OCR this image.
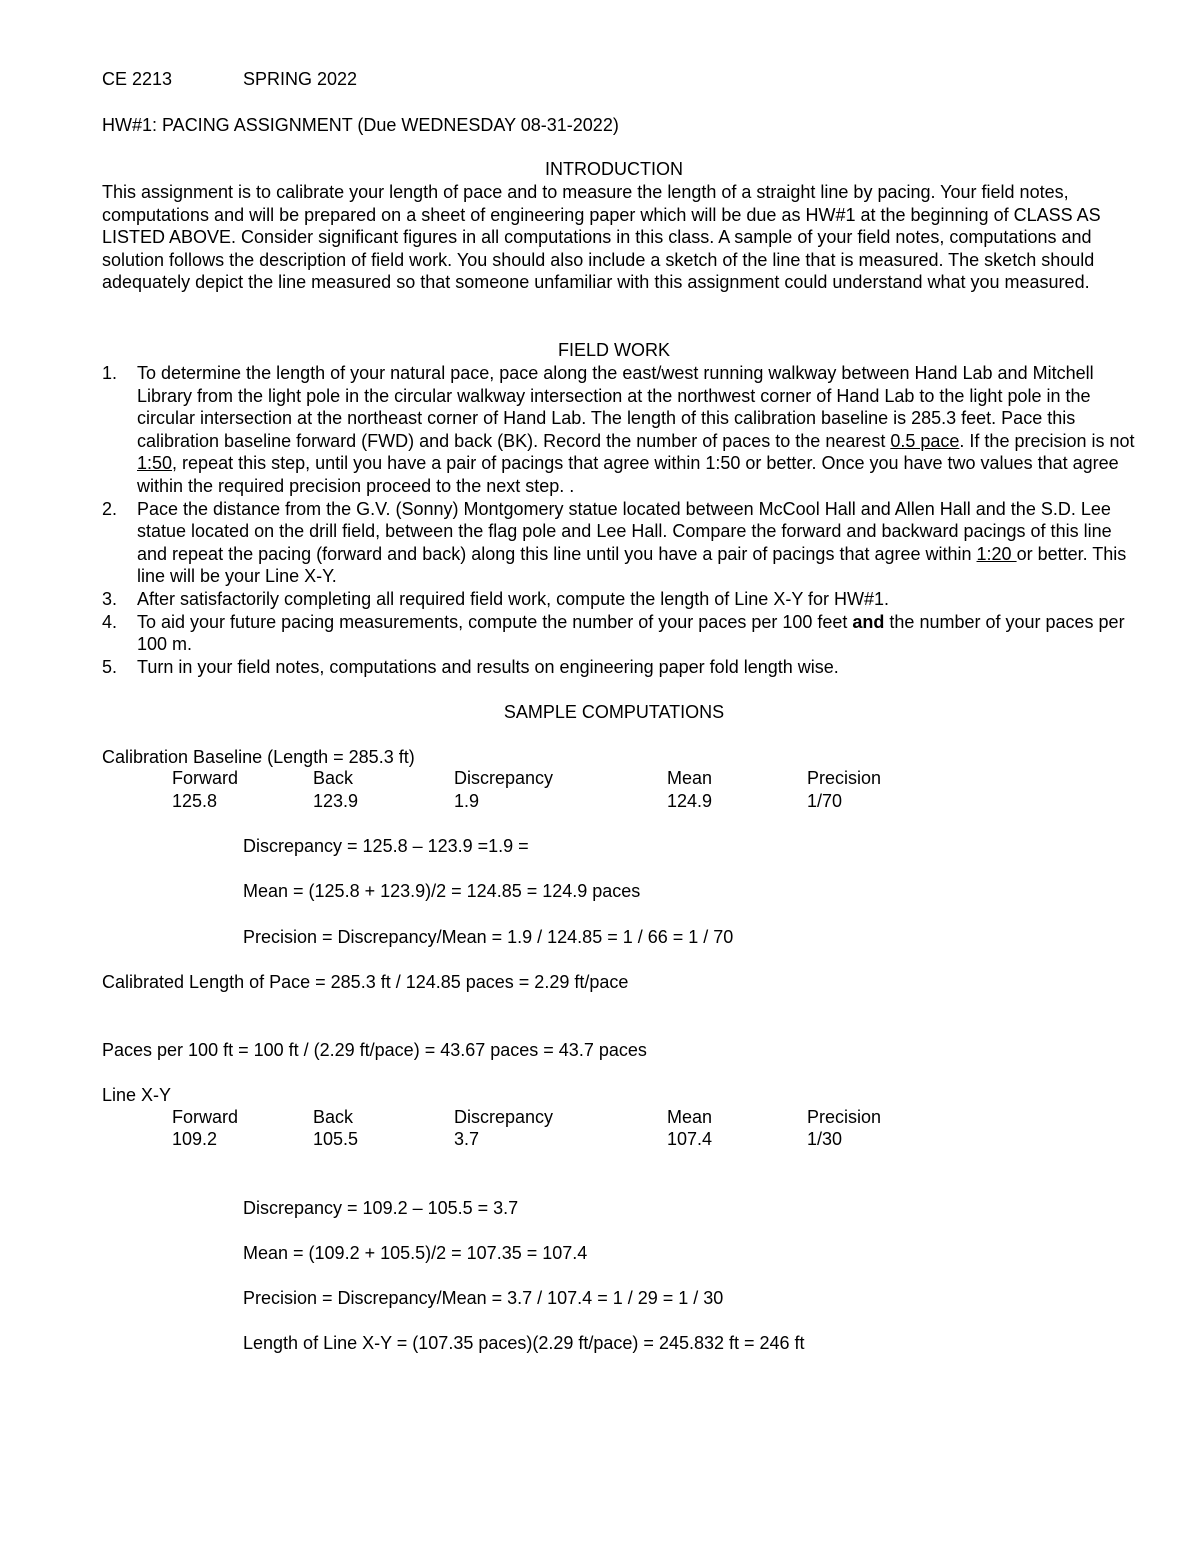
CE 2213	SPRING 2022
HW#1: PACING ASSIGNMENT (Due WEDNESDAY 08-31-2022)
INTRODUCTION
This assignment is to calibrate your length of pace and to measure the length of a straight line by pacing. Your field notes, computations and will be prepared on a sheet of engineering paper which will be due as HW#1 at the beginning of CLASS AS LISTED ABOVE. Consider significant figures in all computations in this class. A sample of your field notes, computations and solution follows the description of field work. You should also include a sketch of the line that is measured. The sketch should adequately depict the line measured so that someone unfamiliar with this assignment could understand what you measured.
FIELD WORK
1. To determine the length of your natural pace, pace along the east/west running walkway between Hand Lab and Mitchell Library from the light pole in the circular walkway intersection at the northwest corner of Hand Lab to the light pole in the circular intersection at the northeast corner of Hand Lab. The length of this calibration baseline is 285.3 feet. Pace this calibration baseline forward (FWD) and back (BK). Record the number of paces to the nearest 0.5 pace. If the precision is not 1:50, repeat this step, until you have a pair of pacings that agree within 1:50 or better. Once you have two values that agree within the required precision proceed to the next step. .
2. Pace the distance from the G.V. (Sonny) Montgomery statue located between McCool Hall and Allen Hall and the S.D. Lee statue located on the drill field, between the flag pole and Lee Hall. Compare the forward and backward pacings of this line and repeat the pacing (forward and back) along this line until you have a pair of pacings that agree within 1:20 or better. This line will be your Line X-Y.
3. After satisfactorily completing all required field work, compute the length of Line X-Y for HW#1.
4. To aid your future pacing measurements, compute the number of your paces per 100 feet and the number of your paces per 100 m.
5. Turn in your field notes, computations and results on engineering paper fold length wise.
SAMPLE COMPUTATIONS
Calibration Baseline (Length = 285.3 ft)
Forward	Back	Discrepancy	Mean	Precision
125.8	123.9	1.9	124.9	1/70
Discrepancy = 125.8 – 123.9 =1.9 =
Mean = (125.8 + 123.9)/2 = 124.85 = 124.9 paces
Precision = Discrepancy/Mean = 1.9 / 124.85 = 1 / 66 = 1 / 70
Calibrated Length of Pace = 285.3 ft / 124.85 paces = 2.29 ft/pace
Paces per 100 ft = 100 ft / (2.29 ft/pace) = 43.67 paces = 43.7 paces
Line X-Y
Forward	Back	Discrepancy	Mean	Precision
109.2	105.5	3.7	107.4	1/30
Discrepancy = 109.2 – 105.5 = 3.7
Mean = (109.2 + 105.5)/2 = 107.35 = 107.4
Precision = Discrepancy/Mean = 3.7 / 107.4 = 1 / 29 = 1 / 30
Length of Line X-Y = (107.35 paces)(2.29 ft/pace) = 245.832 ft = 246 ft
